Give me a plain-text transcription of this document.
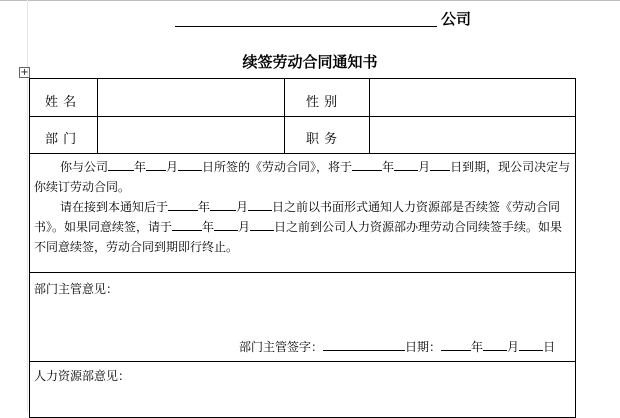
公司
续签劳动合同通知书
+
姓 名	性 别
部 门	职 务

你与公司 年 月 日所签的《劳动合同》，将于	年 月 日到期，现公司决定与你续订劳动合同。

请在接到本通知后于	年 月 日之前以书面形式通知人力资源部是否续签《劳动合同书》。如果同意续签，请于	年 月 日之前到公司人力资源部办理劳动合同续签手续。如果不同意续签，劳动合同到期即行终止。

部门主管意见：
部门主管签字：	日期：	年 月 日
人力资源部意见：
